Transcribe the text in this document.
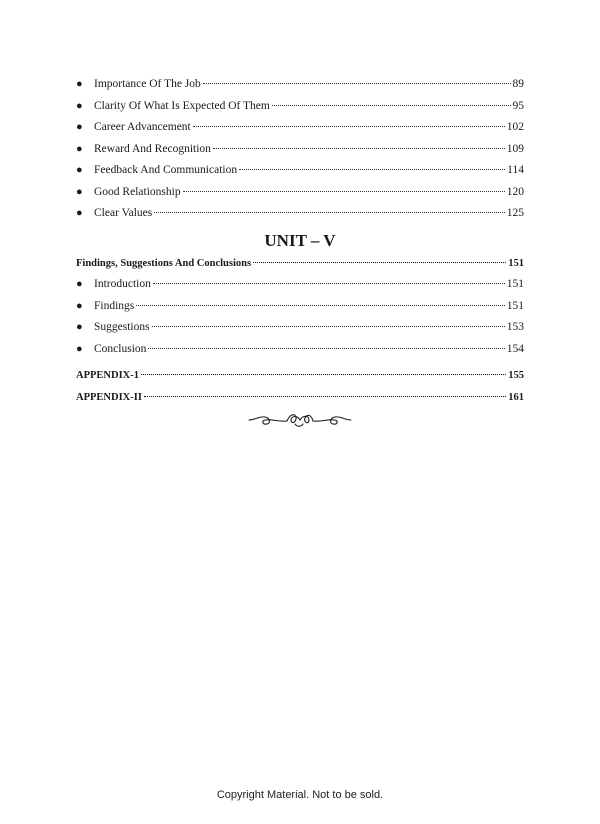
● Importance Of The Job	89
● Clarity Of What Is Expected Of Them	95
● Career Advancement	102
● Reward And Recognition	109
● Feedback And Communication	114
● Good Relationship	120
● Clear Values	125
UNIT – V
Findings, Suggestions And Conclusions	151
● Introduction	151
● Findings	151
● Suggestions	153
● Conclusion	154
APPENDIX-1	155
APPENDIX-II	161
Copyright Material. Not to be sold.
